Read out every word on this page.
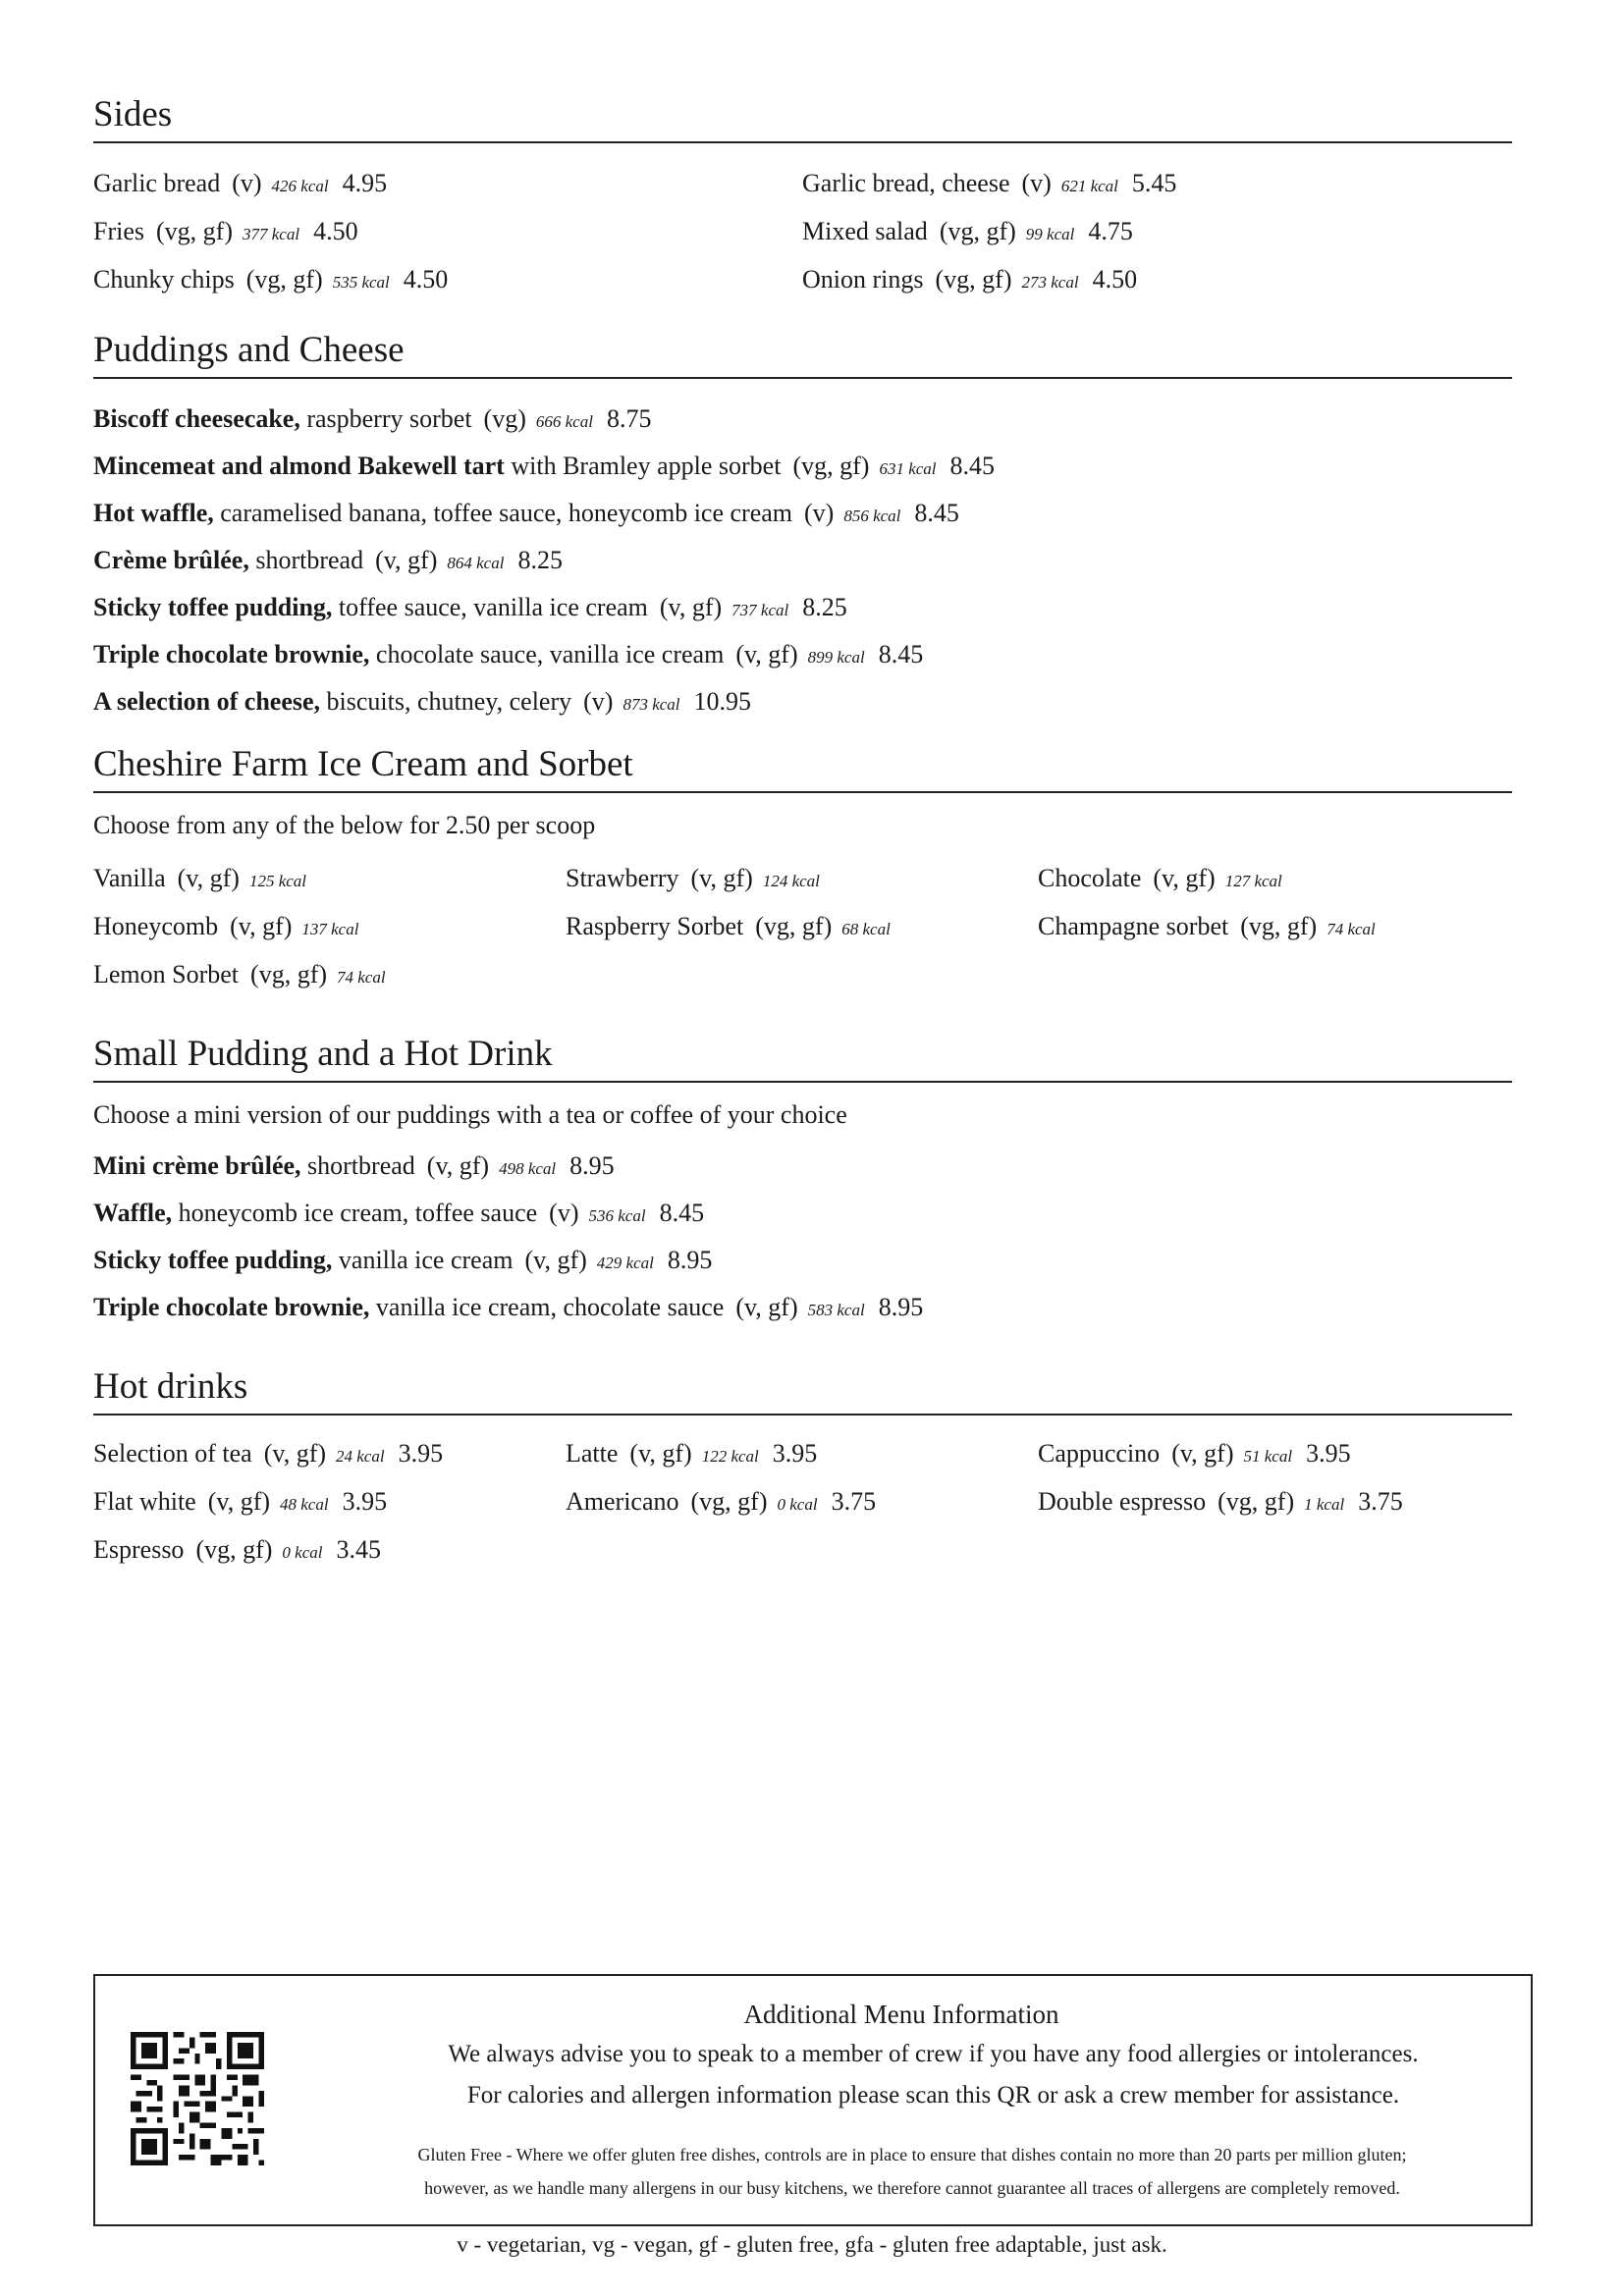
Sides
Garlic bread (v) 426 kcal 4.95	Garlic bread, cheese (v) 621 kcal 5.45
Fries (vg, gf) 377 kcal 4.50	Mixed salad (vg, gf) 99 kcal 4.75
Chunky chips (vg, gf) 535 kcal 4.50	Onion rings (vg, gf) 273 kcal 4.50
Puddings and Cheese
Biscoff cheesecake, raspberry sorbet (vg) 666 kcal 8.75
Mincemeat and almond Bakewell tart with Bramley apple sorbet (vg, gf) 631 kcal 8.45
Hot waffle, caramelised banana, toffee sauce, honeycomb ice cream (v) 856 kcal 8.45
Crème brûlée, shortbread (v, gf) 864 kcal 8.25
Sticky toffee pudding, toffee sauce, vanilla ice cream (v, gf) 737 kcal 8.25
Triple chocolate brownie, chocolate sauce, vanilla ice cream (v, gf) 899 kcal 8.45
A selection of cheese, biscuits, chutney, celery (v) 873 kcal 10.95
Cheshire Farm Ice Cream and Sorbet
Choose from any of the below for 2.50 per scoop
Vanilla (v, gf) 125 kcal	Strawberry (v, gf) 124 kcal	Chocolate (v, gf) 127 kcal
Honeycomb (v, gf) 137 kcal	Raspberry Sorbet (vg, gf) 68 kcal	Champagne sorbet (vg, gf) 74 kcal
Lemon Sorbet (vg, gf) 74 kcal
Small Pudding and a Hot Drink
Choose a mini version of our puddings with a tea or coffee of your choice
Mini crème brûlée, shortbread (v, gf) 498 kcal 8.95
Waffle, honeycomb ice cream, toffee sauce (v) 536 kcal 8.45
Sticky toffee pudding, vanilla ice cream (v, gf) 429 kcal 8.95
Triple chocolate brownie, vanilla ice cream, chocolate sauce (v, gf) 583 kcal 8.95
Hot drinks
Selection of tea (v, gf) 24 kcal 3.95	Latte (v, gf) 122 kcal 3.95	Cappuccino (v, gf) 51 kcal 3.95
Flat white (v, gf) 48 kcal 3.95	Americano (vg, gf) 0 kcal 3.75	Double espresso (vg, gf) 1 kcal 3.75
Espresso (vg, gf) 0 kcal 3.45
Additional Menu Information
We always advise you to speak to a member of crew if you have any food allergies or intolerances.
For calories and allergen information please scan this QR or ask a crew member for assistance.
Gluten Free - Where we offer gluten free dishes, controls are in place to ensure that dishes contain no more than 20 parts per million gluten;
however, as we handle many allergens in our busy kitchens, we therefore cannot guarantee all traces of allergens are completely removed.
v - vegetarian, vg - vegan, gf - gluten free, gfa - gluten free adaptable, just ask.
